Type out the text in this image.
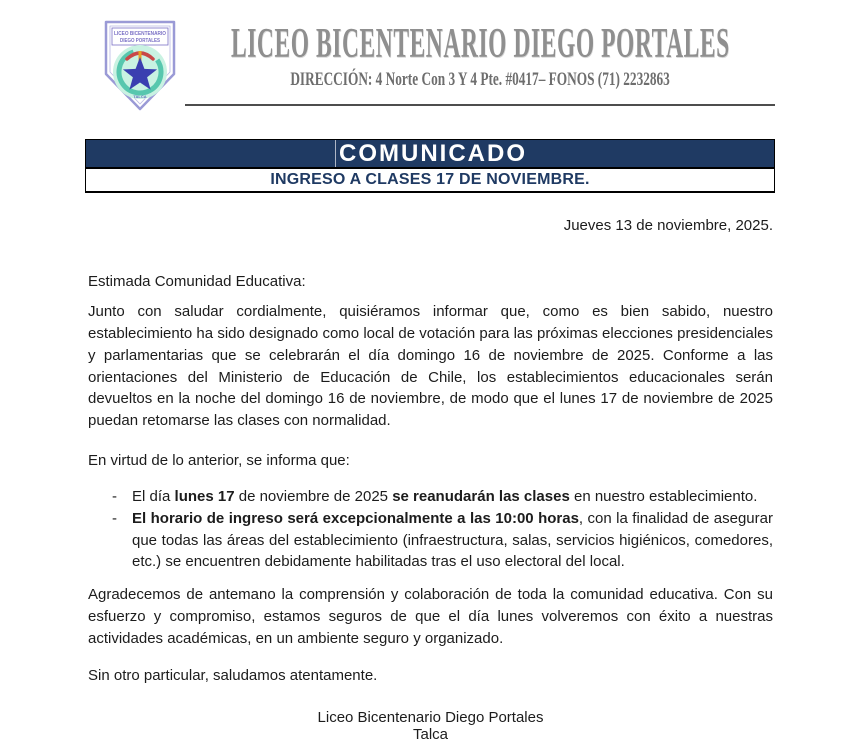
LICEO BICENTENARIO
DIEGO PORTALES
TALCA
LICEO BICENTENARIO DIEGO PORTALES
DIRECCIÓN: 4 Norte Con 3 Y 4 Pte. #0417– FONOS (71) 2232863
COMUNICADO
INGRESO A CLASES 17 DE NOVIEMBRE.

Jueves 13 de noviembre, 2025.

Estimada Comunidad Educativa:

Junto con saludar cordialmente, quisiéramos informar que, como es bien sabido, nuestro establecimiento ha sido designado como local de votación para las próximas elecciones presidenciales y parlamentarias que se celebrarán el día domingo 16 de noviembre de 2025. Conforme a las orientaciones del Ministerio de Educación de Chile, los establecimientos educacionales serán devueltos en la noche del domingo 16 de noviembre, de modo que el lunes 17 de noviembre de 2025 puedan retomarse las clases con normalidad.

En virtud de lo anterior, se informa que:

-	El día lunes 17 de noviembre de 2025 se reanudarán las clases en nuestro establecimiento.
-	El horario de ingreso será excepcionalmente a las 10:00 horas, con la finalidad de asegurar que todas las áreas del establecimiento (infraestructura, salas, servicios higiénicos, comedores, etc.) se encuentren debidamente habilitadas tras el uso electoral del local.

Agradecemos de antemano la comprensión y colaboración de toda la comunidad educativa. Con su esfuerzo y compromiso, estamos seguros de que el día lunes volveremos con éxito a nuestras actividades académicas, en un ambiente seguro y organizado.

Sin otro particular, saludamos atentamente.

Liceo Bicentenario Diego Portales
Talca
